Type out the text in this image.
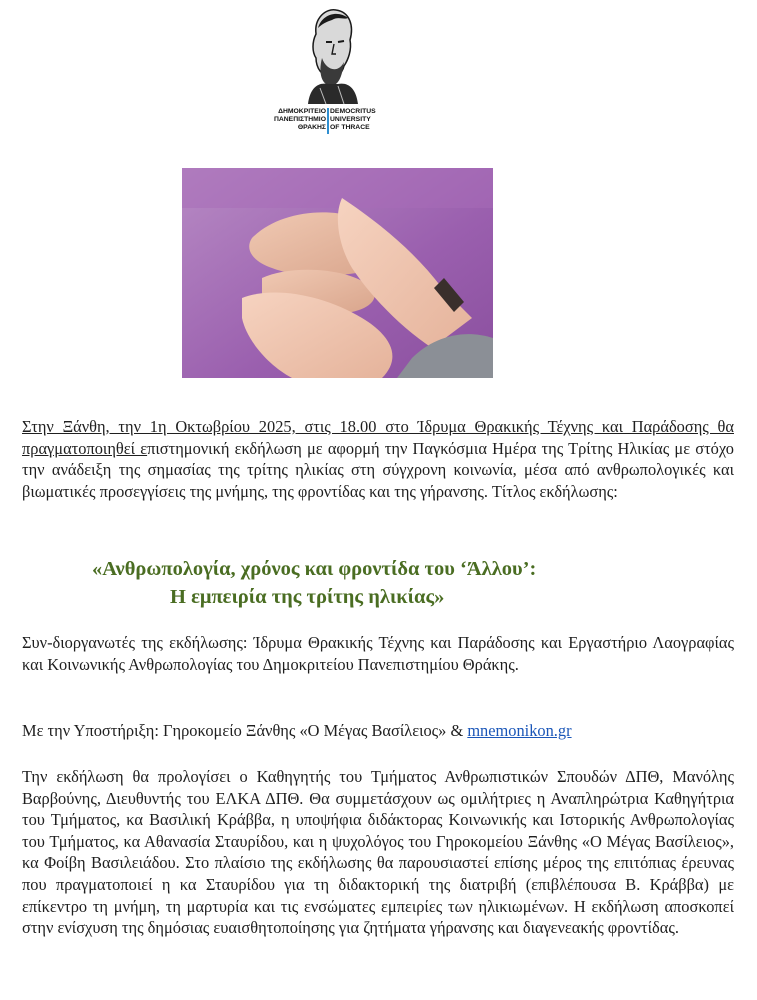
ΔΗΜΟΚΡΙΤΕΙΟ
ΠΑΝΕΠΙΣΤΗΜΙΟ
ΘΡΑΚΗΣ
DEMOCRITUS
UNIVERSITY
OF THRACE
Στην Ξάνθη, την 1η Οκτωβρίου 2025, στις 18.00 στο Ίδρυμα Θρακικής Τέχνης και Παράδοσης θα πραγματοποιηθεί επιστημονική εκδήλωση με αφορμή την Παγκόσμια Ημέρα της Τρίτης Ηλικίας με στόχο την ανάδειξη της σημασίας της τρίτης ηλικίας στη σύγχρονη κοινωνία, μέσα από ανθρωπολογικές και βιωματικές προσεγγίσεις της μνήμης, της φροντίδας και της γήρανσης. Τίτλος εκδήλωσης:
«Ανθρωπολογία, χρόνος και φροντίδα του ‘Άλλου’:
Η εμπειρία της τρίτης ηλικίας»
Συν-διοργανωτές της εκδήλωσης: Ίδρυμα Θρακικής Τέχνης και Παράδοσης και Εργαστήριο Λαογραφίας και Κοινωνικής Ανθρωπολογίας του Δημοκριτείου Πανεπιστημίου Θράκης.
Με την Υποστήριξη: Γηροκομείο Ξάνθης «Ο Μέγας Βασίλειος» & mnemonikon.gr
Την εκδήλωση θα προλογίσει ο Καθηγητής του Τμήματος Ανθρωπιστικών Σπουδών ΔΠΘ, Μανόλης Βαρβούνης, Διευθυντής του ΕΛΚΑ ΔΠΘ. Θα συμμετάσχουν ως ομιλήτριες η Αναπληρώτρια Καθηγήτρια του Τμήματος, κα Βασιλική Κράββα, η υποψήφια διδάκτορας Κοινωνικής και Ιστορικής Ανθρωπολογίας του Τμήματος, κα Αθανασία Σταυρίδου, και η ψυχολόγος του Γηροκομείου Ξάνθης «Ο Μέγας Βασίλειος», κα Φοίβη Βασιλειάδου. Στο πλαίσιο της εκδήλωσης θα παρουσιαστεί επίσης μέρος της επιτόπιας έρευνας που πραγματοποιεί η κα Σταυρίδου για τη διδακτορική της διατριβή (επιβλέπουσα Β. Κράββα) με επίκεντρο τη μνήμη, τη μαρτυρία και τις ενσώματες εμπειρίες των ηλικιωμένων. Η εκδήλωση αποσκοπεί στην ενίσχυση της δημόσιας ευαισθητοποίησης για ζητήματα γήρανσης και διαγενεακής φροντίδας.
